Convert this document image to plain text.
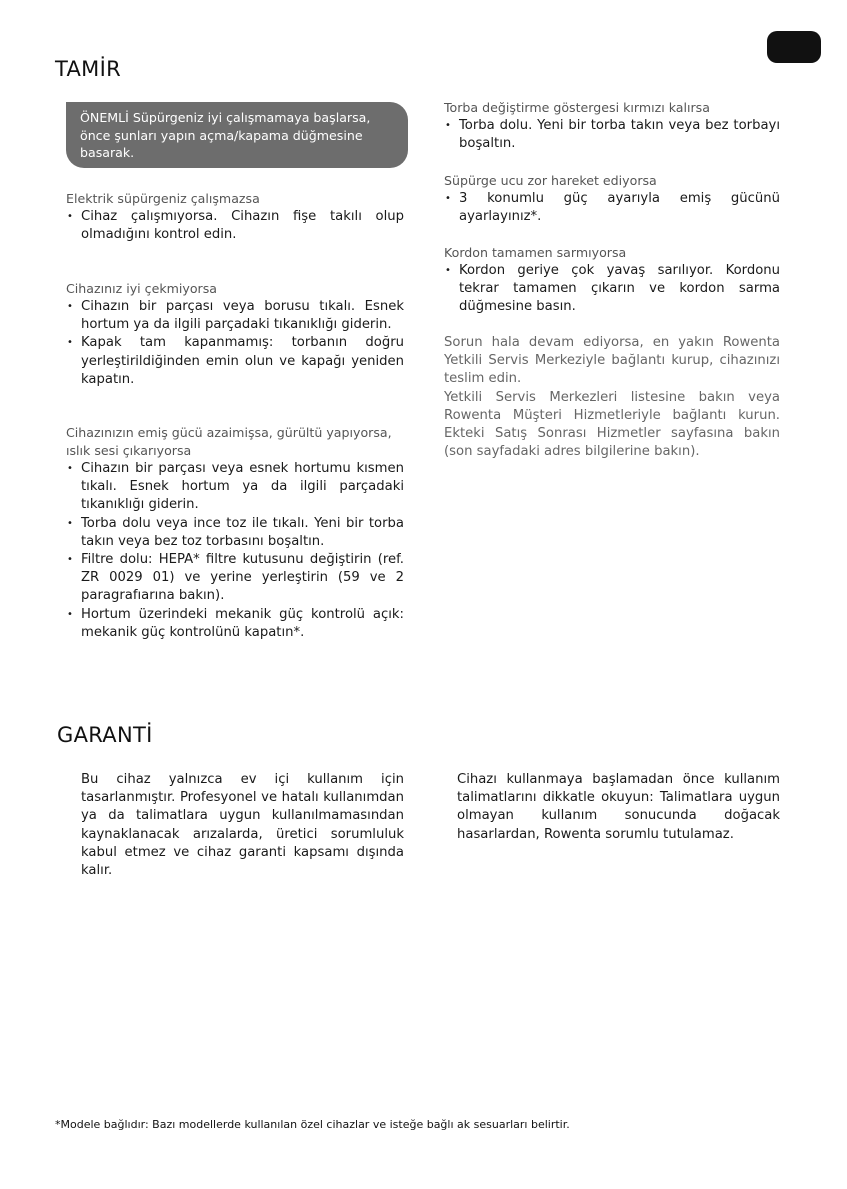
TAMİR
ÖNEMLİ Süpürgeniz iyi çalışmamaya başlarsa, önce şunları yapın açma/kapama düğmesine basarak.

Elektrik süpürgeniz çalışmazsa

• Cihaz çalışmıyorsa. Cihazın fişe takılı olup olmadığını kontrol edin.

Cihazınız iyi çekmiyorsa

• Cihazın bir parçası veya borusu tıkalı. Esnek hortum ya da ilgili parçadaki tıkanıklığı giderin.
• Kapak tam kapanmamış: torbanın doğru yerleştirildiğinden emin olun ve kapağı yeniden kapatın.

Cihazınızın emiş gücü azaimişsa, gürültü yapıyorsa, ıslık sesi çıkarıyorsa

• Cihazın bir parçası veya esnek hortumu kısmen tıkalı. Esnek hortum ya da ilgili parçadaki tıkanıklığı giderin.
• Torba dolu veya ince toz ile tıkalı. Yeni bir torba takın veya bez toz torbasını boşaltın.
• Filtre dolu: HEPA* filtre kutusunu değiştirin (ref. ZR 0029 01) ve yerine yerleştirin (59 ve 2 paragrafıarına bakın).
• Hortum üzerindeki mekanik güç kontrolü açık: mekanik güç kontrolünü kapatın*.

Torba değiştirme göstergesi kırmızı kalırsa

• Torba dolu. Yeni bir torba takın veya bez torbayı boşaltın.

Süpürge ucu zor hareket ediyorsa

• 3 konumlu güç ayarıyla emiş gücünü ayarlayınız*.

Kordon tamamen sarmıyorsa

• Kordon geriye çok yavaş sarılıyor. Kordonu tekrar tamamen çıkarın ve kordon sarma düğmesine basın.

Sorun hala devam ediyorsa, en yakın Rowenta Yetkili Servis Merkeziyle bağlantı kurup, cihazınızı teslim edin.

Yetkili Servis Merkezleri listesine bakın veya Rowenta Müşteri Hizmetleriyle bağlantı kurun. Ekteki Satış Sonrası Hizmetler sayfasına bakın (son sayfadaki adres bilgilerine bakın).

GARANTİ

Bu cihaz yalnızca ev içi kullanım için tasarlanmıştır. Profesyonel ve hatalı kullanımdan ya da talimatlara uygun kullanılmamasından kaynaklanacak arızalarda, üretici sorumluluk kabul etmez ve cihaz garanti kapsamı dışında kalır.

Cihazı kullanmaya başlamadan önce kullanım talimatlarını dikkatle okuyun: Talimatlara uygun olmayan kullanım sonucunda doğacak hasarlardan, Rowenta sorumlu tutulamaz.

*Modele bağlıdır: Bazı modellerde kullanılan özel cihazlar ve isteğe bağlı ak sesuarları belirtir.
